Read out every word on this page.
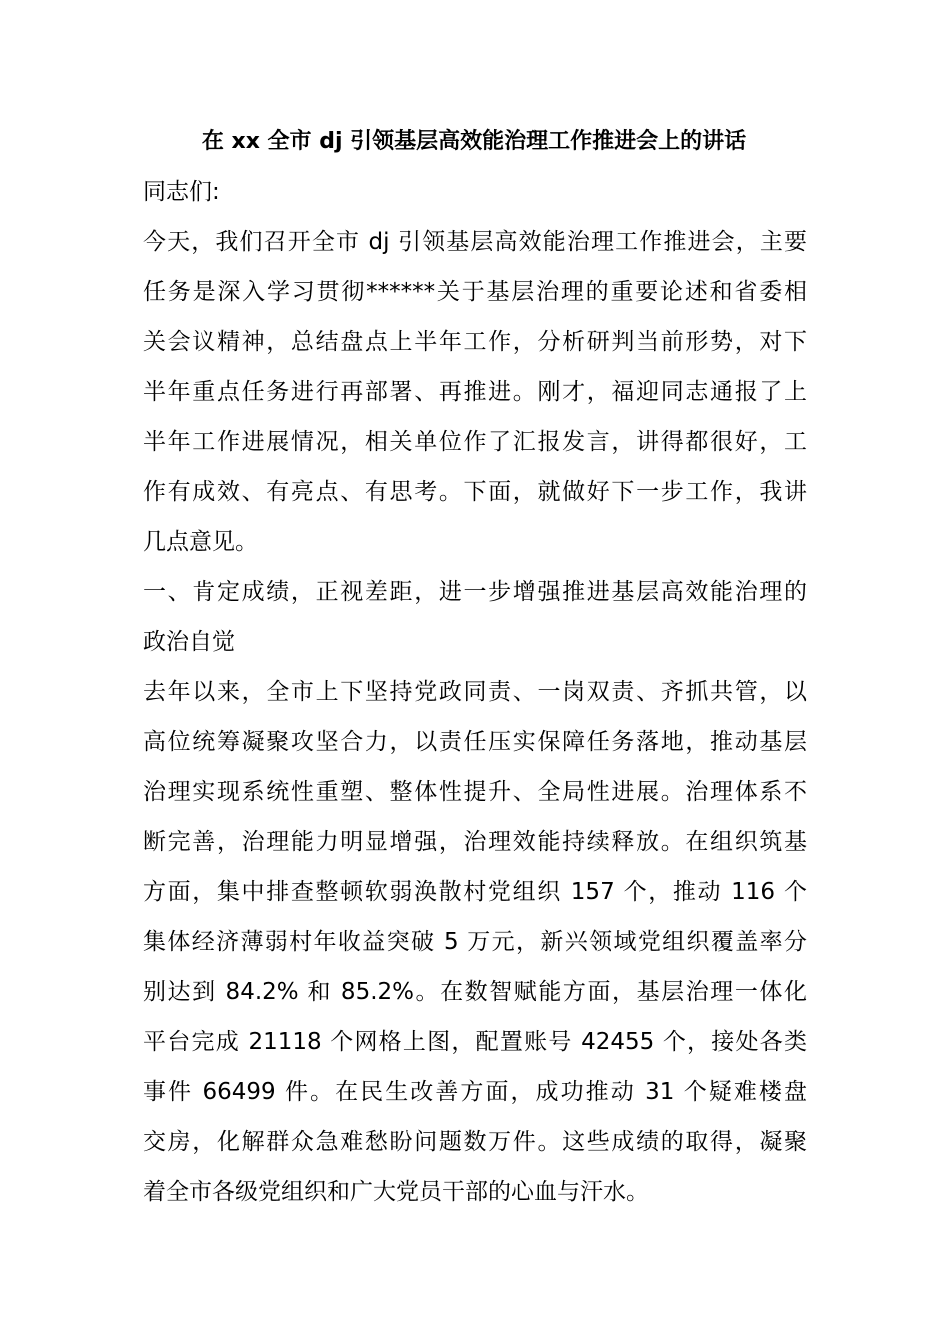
在 xx 全市 dj 引领基层高效能治理工作推进会上的讲话
同志们:
今天，我们召开全市 dj 引领基层高效能治理工作推进会，主要
任务是深入学习贯彻******关于基层治理的重要论述和省委相
关会议精神，总结盘点上半年工作，分析研判当前形势，对下
半年重点任务进行再部署、再推进。刚才，福迎同志通报了上
半年工作进展情况，相关单位作了汇报发言，讲得都很好，工
作有成效、有亮点、有思考。下面，就做好下一步工作，我讲
几点意见。
一、肯定成绩，正视差距，进一步增强推进基层高效能治理的
政治自觉
去年以来，全市上下坚持党政同责、一岗双责、齐抓共管，以
高位统筹凝聚攻坚合力，以责任压实保障任务落地，推动基层
治理实现系统性重塑、整体性提升、全局性进展。治理体系不
断完善，治理能力明显增强，治理效能持续释放。在组织筑基
方面，集中排查整顿软弱涣散村党组织 157 个，推动 116 个
集体经济薄弱村年收益突破 5 万元，新兴领域党组织覆盖率分
别达到 84.2% 和 85.2%。在数智赋能方面，基层治理一体化
平台完成 21118 个网格上图，配置账号 42455 个，接处各类
事件 66499 件。在民生改善方面，成功推动 31 个疑难楼盘
交房，化解群众急难愁盼问题数万件。这些成绩的取得，凝聚
着全市各级党组织和广大党员干部的心血与汗水。
